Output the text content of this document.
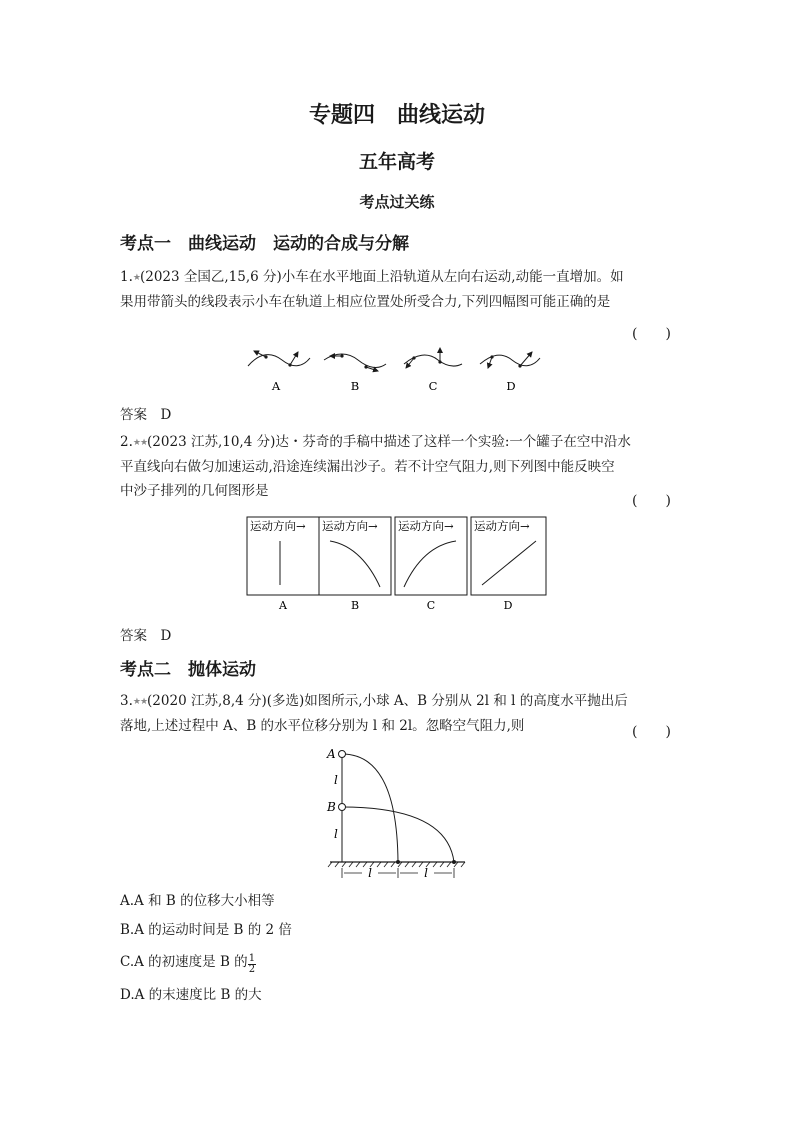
专题四　曲线运动
五年高考
考点过关练
考点一　曲线运动　运动的合成与分解
1.★(2023 全国乙,15,6 分)小车在水平地面上沿轨道从左向右运动,动能一直增加。如
果用带箭头的线段表示小车在轨道上相应位置处所受合力,下列四幅图可能正确的是
(　　)
A	B	C	D
答案　 D
2.★★(2023 江苏,10,4 分)达・芬奇的手稿中描述了这样一个实验:一个罐子在空中沿水
平直线向右做匀加速运动,沿途连续漏出沙子。若不计空气阻力,则下列图中能反映空
中沙子排列的几何图形是
(　　)
运动方向→ 运动方向→ 运动方向→ 运动方向→
A	B	C	D
答案　 D
考点二　抛体运动
3.★★(2020 江苏,8,4 分)(多选)如图所示,小球 A、B 分别从 2l 和 l 的高度水平抛出后
落地,上述过程中 A、B 的水平位移分别为 l 和 2l。忽略空气阻力,则	(　　)
A
B
l
l
l	l
A.A 和 B 的位移大小相等
B.A 的运动时间是 B 的 2 倍
C.A 的初速度是 B 的 $\frac{1}{2}$
D.A 的末速度比 B 的大
